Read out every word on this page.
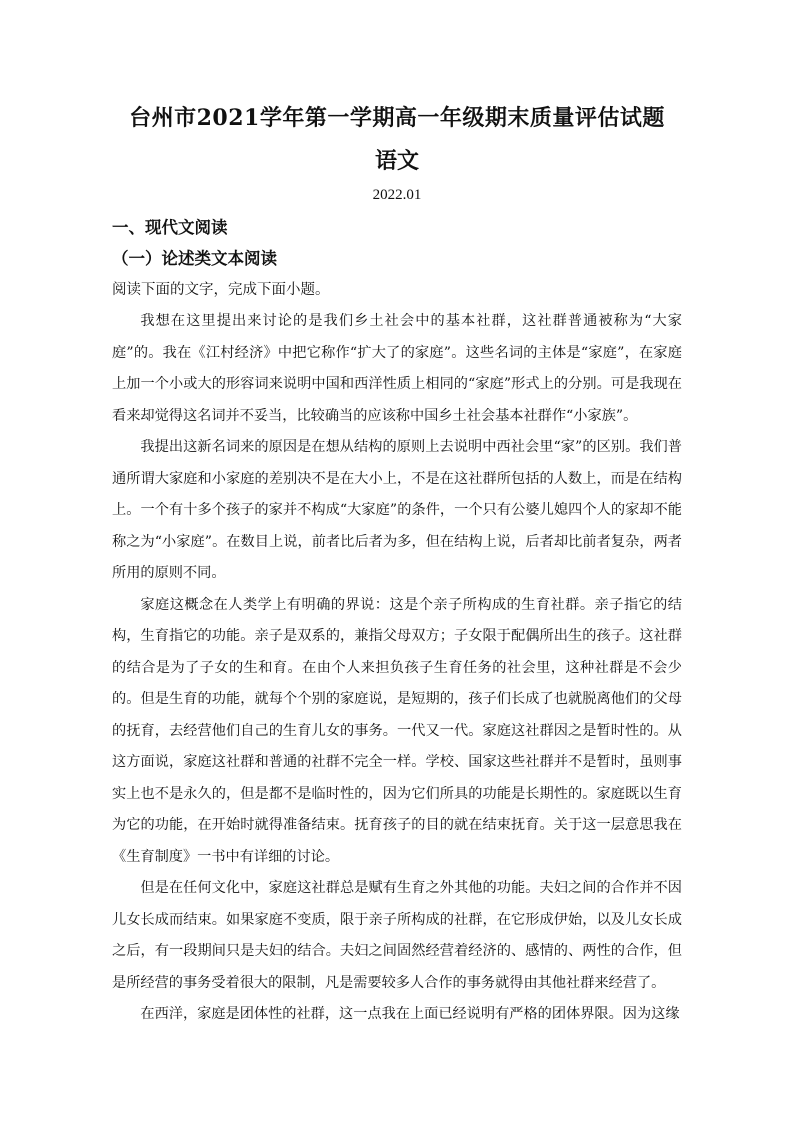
台州市2021学年第一学期高一年级期末质量评估试题
语文
2022.01
一、现代文阅读
（一）论述类文本阅读
阅读下面的文字，完成下面小题。

我想在这里提出来讨论的是我们乡土社会中的基本社群，这社群普通被称为“大家庭”的。我在《江村经济》中把它称作“扩大了的家庭”。这些名词的主体是“家庭”，在家庭上加一个小或大的形容词来说明中国和西洋性质上相同的“家庭”形式上的分别。可是我现在看来却觉得这名词并不妥当，比较确当的应该称中国乡土社会基本社群作“小家族”。

我提出这新名词来的原因是在想从结构的原则上去说明中西社会里“家”的区别。我们普通所谓大家庭和小家庭的差别决不是在大小上，不是在这社群所包括的人数上，而是在结构上。一个有十多个孩子的家并不构成“大家庭”的条件，一个只有公婆儿媳四个人的家却不能称之为“小家庭”。在数目上说，前者比后者为多，但在结构上说，后者却比前者复杂，两者所用的原则不同。

家庭这概念在人类学上有明确的界说：这是个亲子所构成的生育社群。亲子指它的结构，生育指它的功能。亲子是双系的，兼指父母双方；子女限于配偶所出生的孩子。这社群的结合是为了子女的生和育。在由个人来担负孩子生育任务的社会里，这种社群是不会少的。但是生育的功能，就每个个别的家庭说，是短期的，孩子们长成了也就脱离他们的父母的抚育，去经营他们自己的生育儿女的事务。一代又一代。家庭这社群因之是暂时性的。从这方面说，家庭这社群和普通的社群不完全一样。学校、国家这些社群并不是暂时，虽则事实上也不是永久的，但是都不是临时性的，因为它们所具的功能是长期性的。家庭既以生育为它的功能，在开始时就得准备结束。抚育孩子的目的就在结束抚育。关于这一层意思我在《生育制度》一书中有详细的讨论。

但是在任何文化中，家庭这社群总是赋有生育之外其他的功能。夫妇之间的合作并不因儿女长成而结束。如果家庭不变质，限于亲子所构成的社群，在它形成伊始，以及儿女长成之后，有一段期间只是夫妇的结合。夫妇之间固然经营着经济的、感情的、两性的合作，但是所经营的事务受着很大的限制，凡是需要较多人合作的事务就得由其他社群来经营了。

在西洋，家庭是团体性的社群，这一点我在上面已经说明有严格的团体界限。因为这缘
